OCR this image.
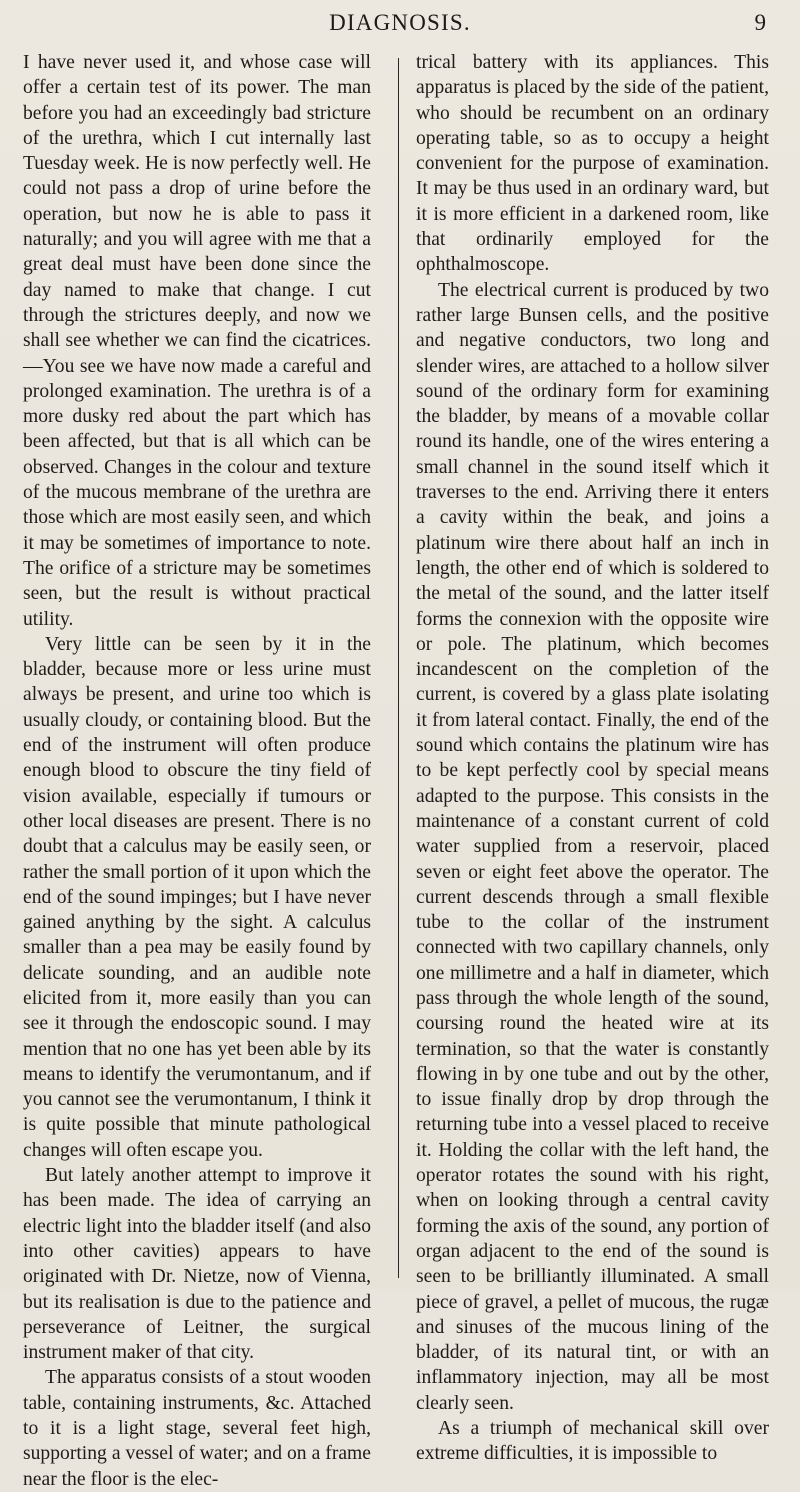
DIAGNOSIS.	9

I have never used it, and whose case will offer a certain test of its power. The man before you had an exceedingly bad stricture of the urethra, which I cut internally last Tuesday week. He is now perfectly well. He could not pass a drop of urine before the operation, but now he is able to pass it naturally; and you will agree with me that a great deal must have been done since the day named to make that change. I cut through the strictures deeply, and now we shall see whether we can find the cicatrices.—You see we have now made a careful and prolonged examination. The urethra is of a more dusky red about the part which has been affected, but that is all which can be observed. Changes in the colour and texture of the mucous membrane of the urethra are those which are most easily seen, and which it may be sometimes of importance to note. The orifice of a stricture may be sometimes seen, but the result is without practical utility.

Very little can be seen by it in the bladder, because more or less urine must always be present, and urine too which is usually cloudy, or containing blood. But the end of the instrument will often produce enough blood to obscure the tiny field of vision available, especially if tumours or other local diseases are present. There is no doubt that a calculus may be easily seen, or rather the small portion of it upon which the end of the sound impinges; but I have never gained anything by the sight. A calculus smaller than a pea may be easily found by delicate sounding, and an audible note elicited from it, more easily than you can see it through the endoscopic sound. I may mention that no one has yet been able by its means to identify the verumontanum, and if you cannot see the verumontanum, I think it is quite possible that minute pathological changes will often escape you.

But lately another attempt to improve it has been made. The idea of carrying an electric light into the bladder itself (and also into other cavities) appears to have originated with Dr. Nietze, now of Vienna, but its realisation is due to the patience and perseverance of Leitner, the surgical instrument maker of that city.

The apparatus consists of a stout wooden table, containing instruments, &c. Attached to it is a light stage, several feet high, supporting a vessel of water; and on a frame near the floor is the elec-

trical battery with its appliances. This apparatus is placed by the side of the patient, who should be recumbent on an ordinary operating table, so as to occupy a height convenient for the purpose of examination. It may be thus used in an ordinary ward, but it is more efficient in a darkened room, like that ordinarily employed for the ophthalmoscope.

The electrical current is produced by two rather large Bunsen cells, and the positive and negative conductors, two long and slender wires, are attached to a hollow silver sound of the ordinary form for examining the bladder, by means of a movable collar round its handle, one of the wires entering a small channel in the sound itself which it traverses to the end. Arriving there it enters a cavity within the beak, and joins a platinum wire there about half an inch in length, the other end of which is soldered to the metal of the sound, and the latter itself forms the connexion with the opposite wire or pole. The platinum, which becomes incandescent on the completion of the current, is covered by a glass plate isolating it from lateral contact. Finally, the end of the sound which contains the platinum wire has to be kept perfectly cool by special means adapted to the purpose. This consists in the maintenance of a constant current of cold water supplied from a reservoir, placed seven or eight feet above the operator. The current descends through a small flexible tube to the collar of the instrument connected with two capillary channels, only one millimetre and a half in diameter, which pass through the whole length of the sound, coursing round the heated wire at its termination, so that the water is constantly flowing in by one tube and out by the other, to issue finally drop by drop through the returning tube into a vessel placed to receive it. Holding the collar with the left hand, the operator rotates the sound with his right, when on looking through a central cavity forming the axis of the sound, any portion of organ adjacent to the end of the sound is seen to be brilliantly illuminated. A small piece of gravel, a pellet of mucous, the rugæ and sinuses of the mucous lining of the bladder, of its natural tint, or with an inflammatory injection, may all be most clearly seen.

As a triumph of mechanical skill over extreme difficulties, it is impossible to
